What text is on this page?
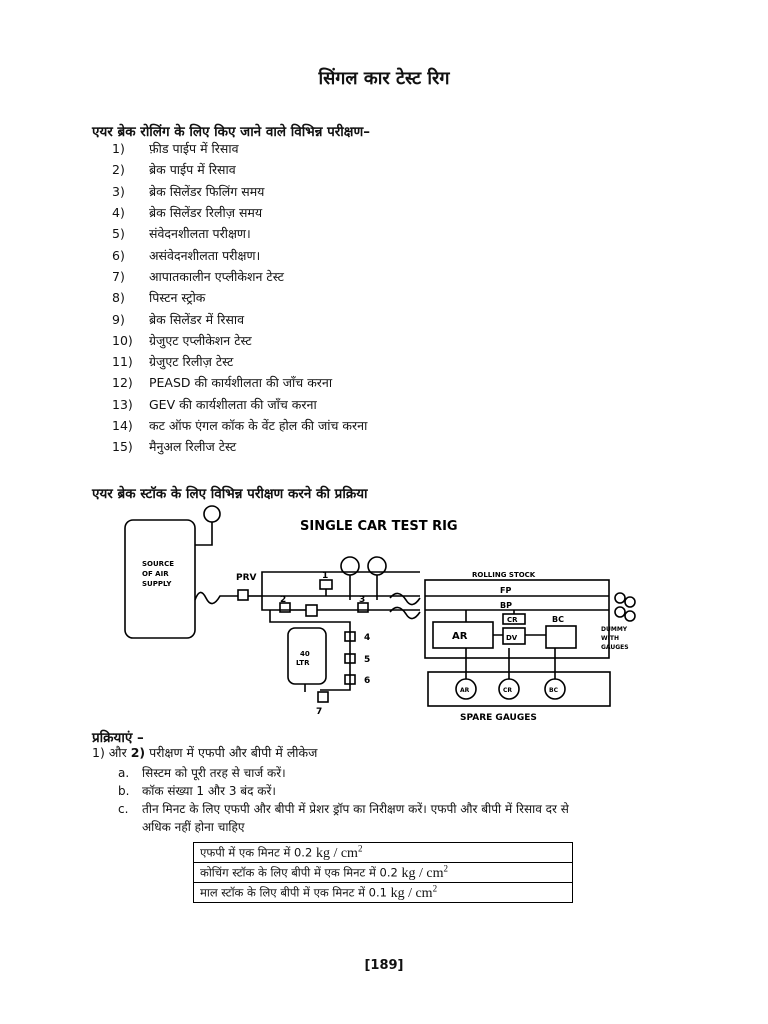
सिंगल कार टेस्ट रिग
एयर ब्रेक रोलिंग के लिए किए जाने वाले विभिन्न परीक्षण–
1)	फ़ीड पाईप में रिसाव
2)	ब्रेक पाईप में रिसाव
3)	ब्रेक सिलेंडर फिलिंग समय
4)	ब्रेक सिलेंडर रिलीज़ समय
5)	संवेदनशीलता परीक्षण।
6)	असंवेदनशीलता परीक्षण।
7)	आपातकालीन एप्लीकेशन टेस्ट
8)	पिस्टन स्ट्रोक
9)	ब्रेक सिलेंडर में रिसाव
10)	ग्रेजुएट एप्लीकेशन टेस्ट
11)	ग्रेजुएट रिलीज़ टेस्ट
12)	PEASD की कार्यशीलता की जाँच करना
13)	GEV की कार्यशीलता की जाँच करना
14)	कट ऑफ एंगल कॉक के वेंट होल की जांच करना
15)	मैनुअल रिलीज टेस्ट
एयर ब्रेक स्टॉक के लिए विभिन्न परीक्षण करने की प्रक्रिया
SINGLE CAR TEST RIG
SOURCE
OF AIR
SUPPLY
PRV	1
2	3
4
5
6
7
40
LTR
ROLLING STOCK
FP
BP
AR
CR
DV
BC
DUMMY
WITH
GAUGES
AR	CR	BC
SPARE GAUGES
प्रक्रियाएं –
1) और 2) परीक्षण में एफपी और बीपी में लीकेज
a. सिस्टम को पूरी तरह से चार्ज करें।
b. कॉक संख्या 1 और 3 बंद करें।
c. तीन मिनट के लिए एफपी और बीपी में प्रेशर ड्रॉप का निरीक्षण करें। एफपी और बीपी में रिसाव दर से
अधिक नहीं होना चाहिए
एफपी में एक मिनट में 0.2 kg / $cm^2$
कोचिंग स्टॉक के लिए बीपी में एक मिनट में 0.2 kg / $cm^2$
माल स्टॉक के लिए बीपी में एक मिनट में 0.1 kg / $cm^2$
[189]
